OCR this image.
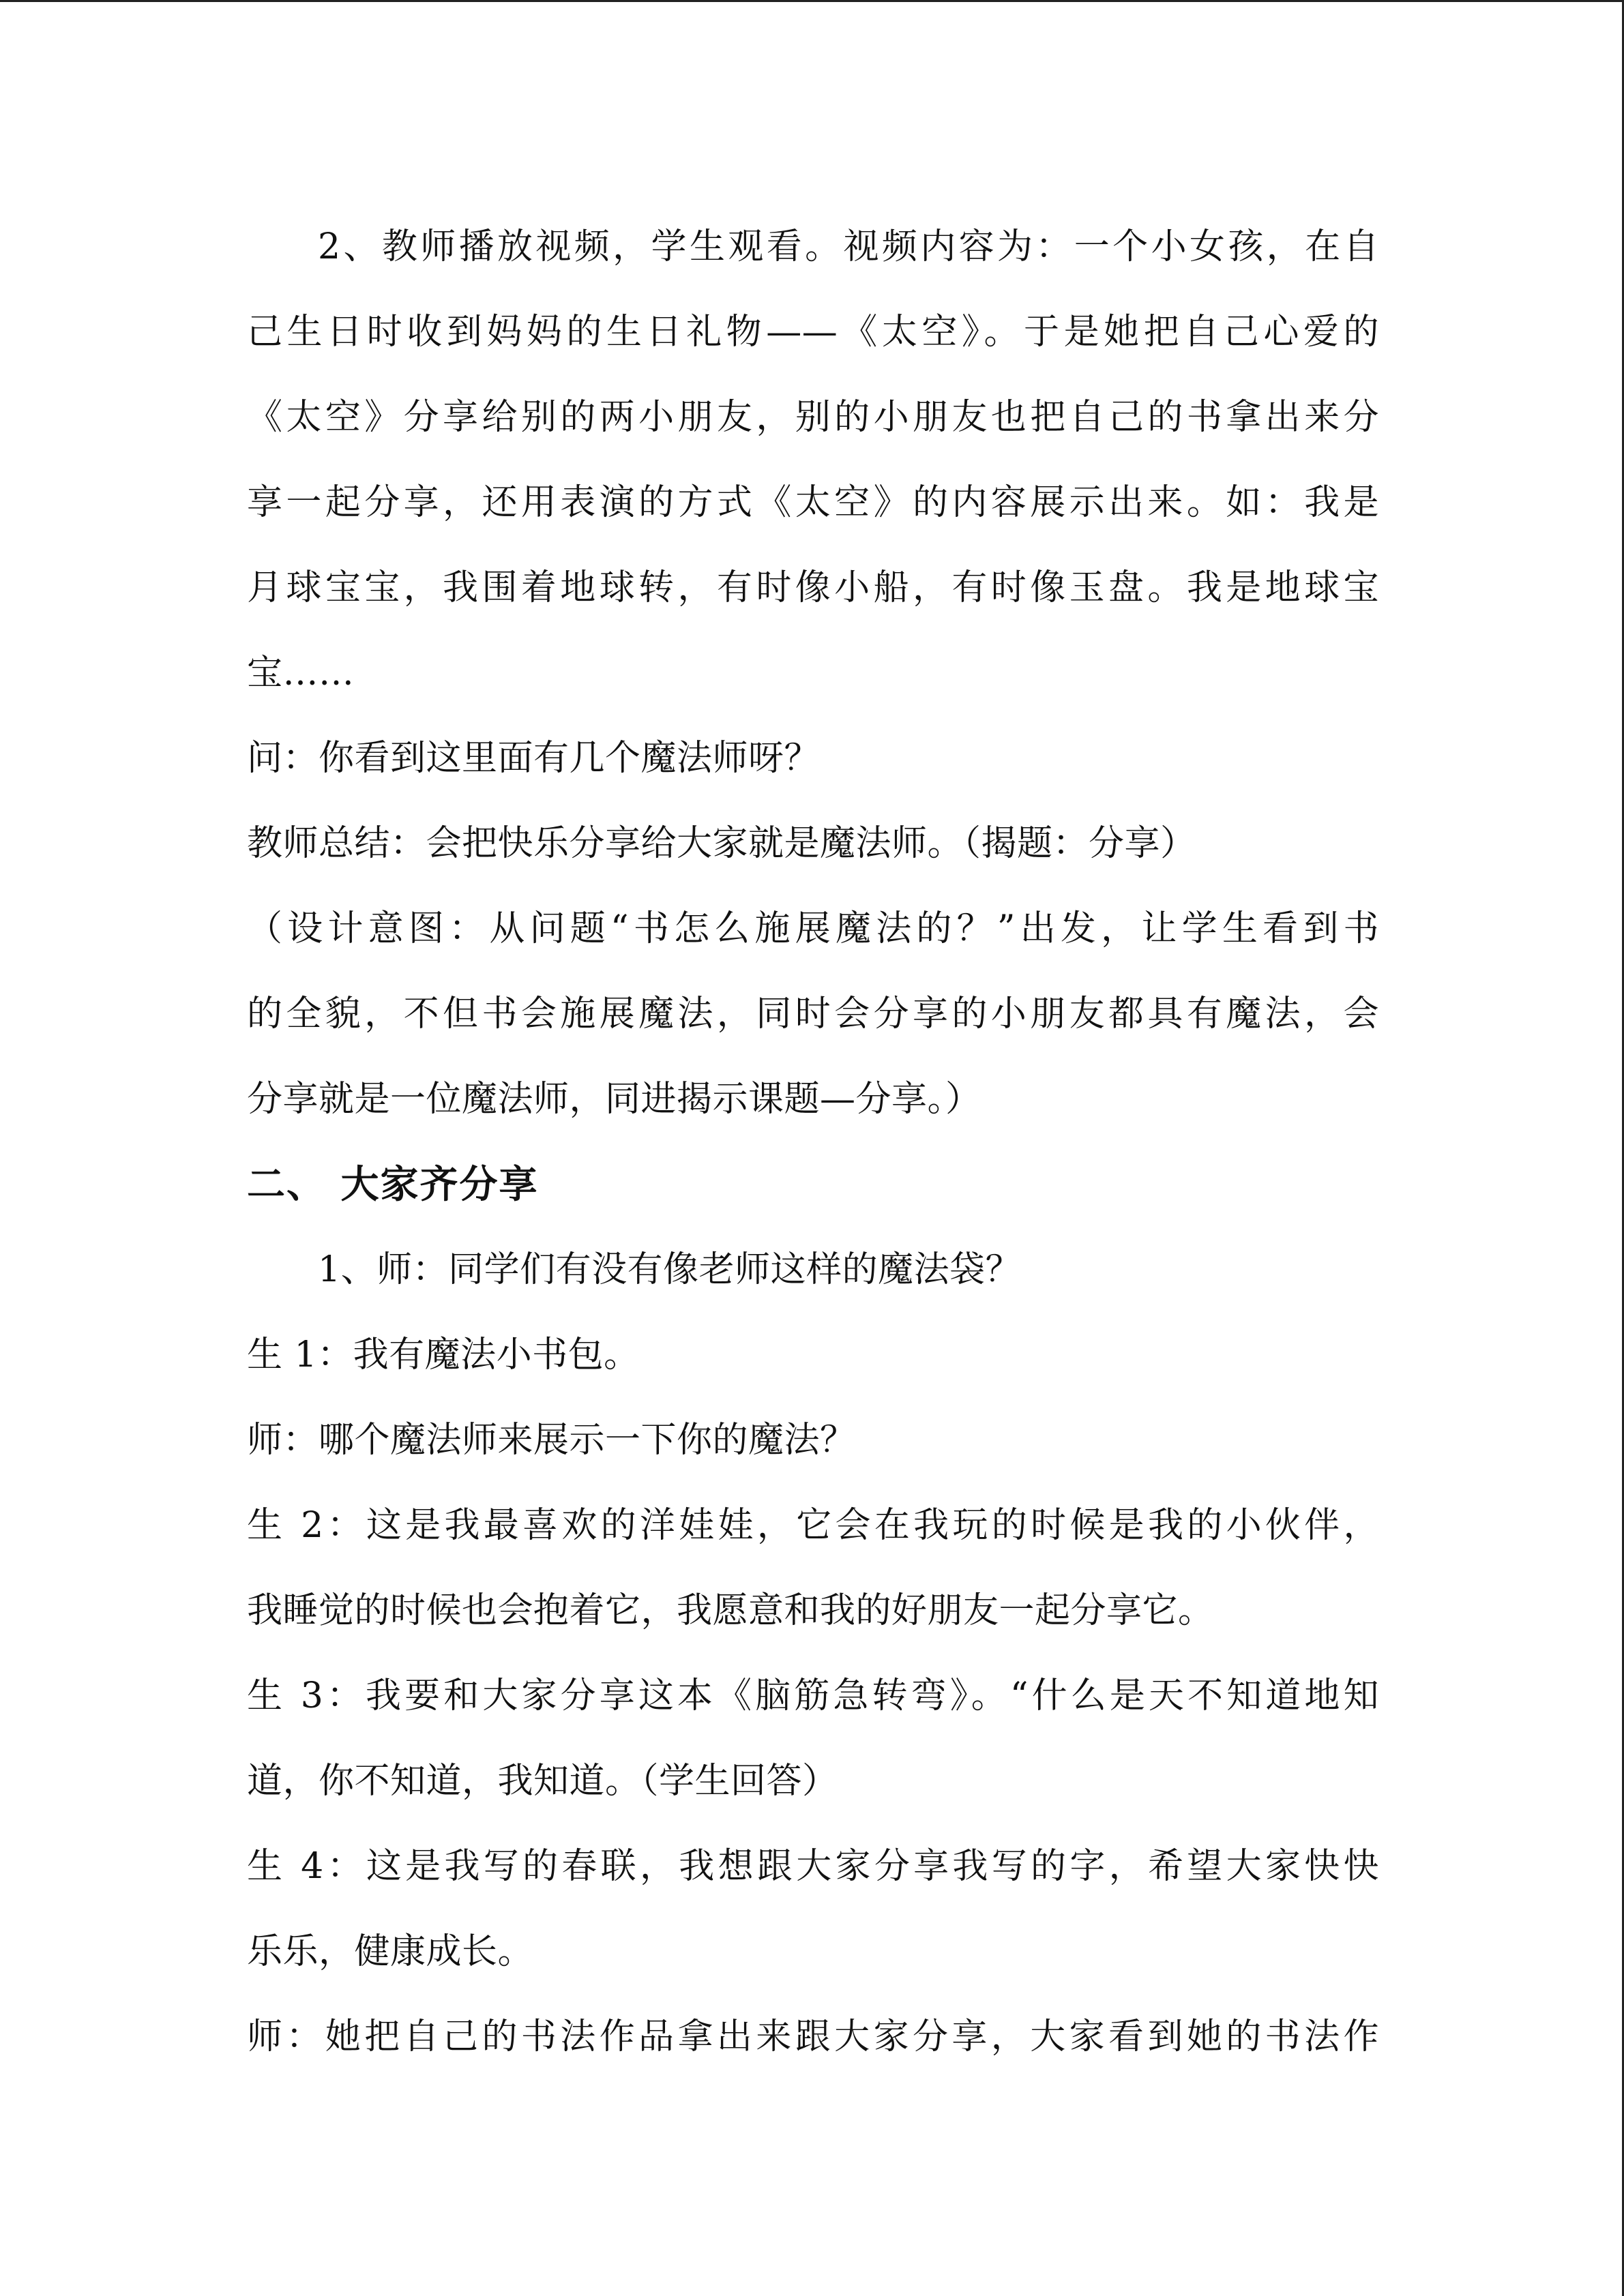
2、教师播放视频，学生观看。视频内容为：一个小女孩，在自
己生日时收到妈妈的生日礼物——《太空》。于是她把自己心爱的
《太空》分享给别的两小朋友，别的小朋友也把自己的书拿出来分
享一起分享，还用表演的方式《太空》的内容展示出来。如：我是
月球宝宝，我围着地球转，有时像小船，有时像玉盘。我是地球宝
宝……
问：你看到这里面有几个魔法师呀？
教师总结：会把快乐分享给大家就是魔法师。（揭题：分享）
（设计意图：从问题“书怎么施展魔法的？”出发，让学生看到书
的全貌，不但书会施展魔法，同时会分享的小朋友都具有魔法，会
分享就是一位魔法师，同进揭示课题—分享。）
二、 大家齐分享
1、师：同学们有没有像老师这样的魔法袋？
生 1：我有魔法小书包。
师：哪个魔法师来展示一下你的魔法？
生 2：这是我最喜欢的洋娃娃，它会在我玩的时候是我的小伙伴，
我睡觉的时候也会抱着它，我愿意和我的好朋友一起分享它。
生 3：我要和大家分享这本《脑筋急转弯》。“什么是天不知道地知
道，你不知道，我知道。（学生回答）
生 4：这是我写的春联，我想跟大家分享我写的字，希望大家快快
乐乐，健康成长。
师：她把自己的书法作品拿出来跟大家分享，大家看到她的书法作
